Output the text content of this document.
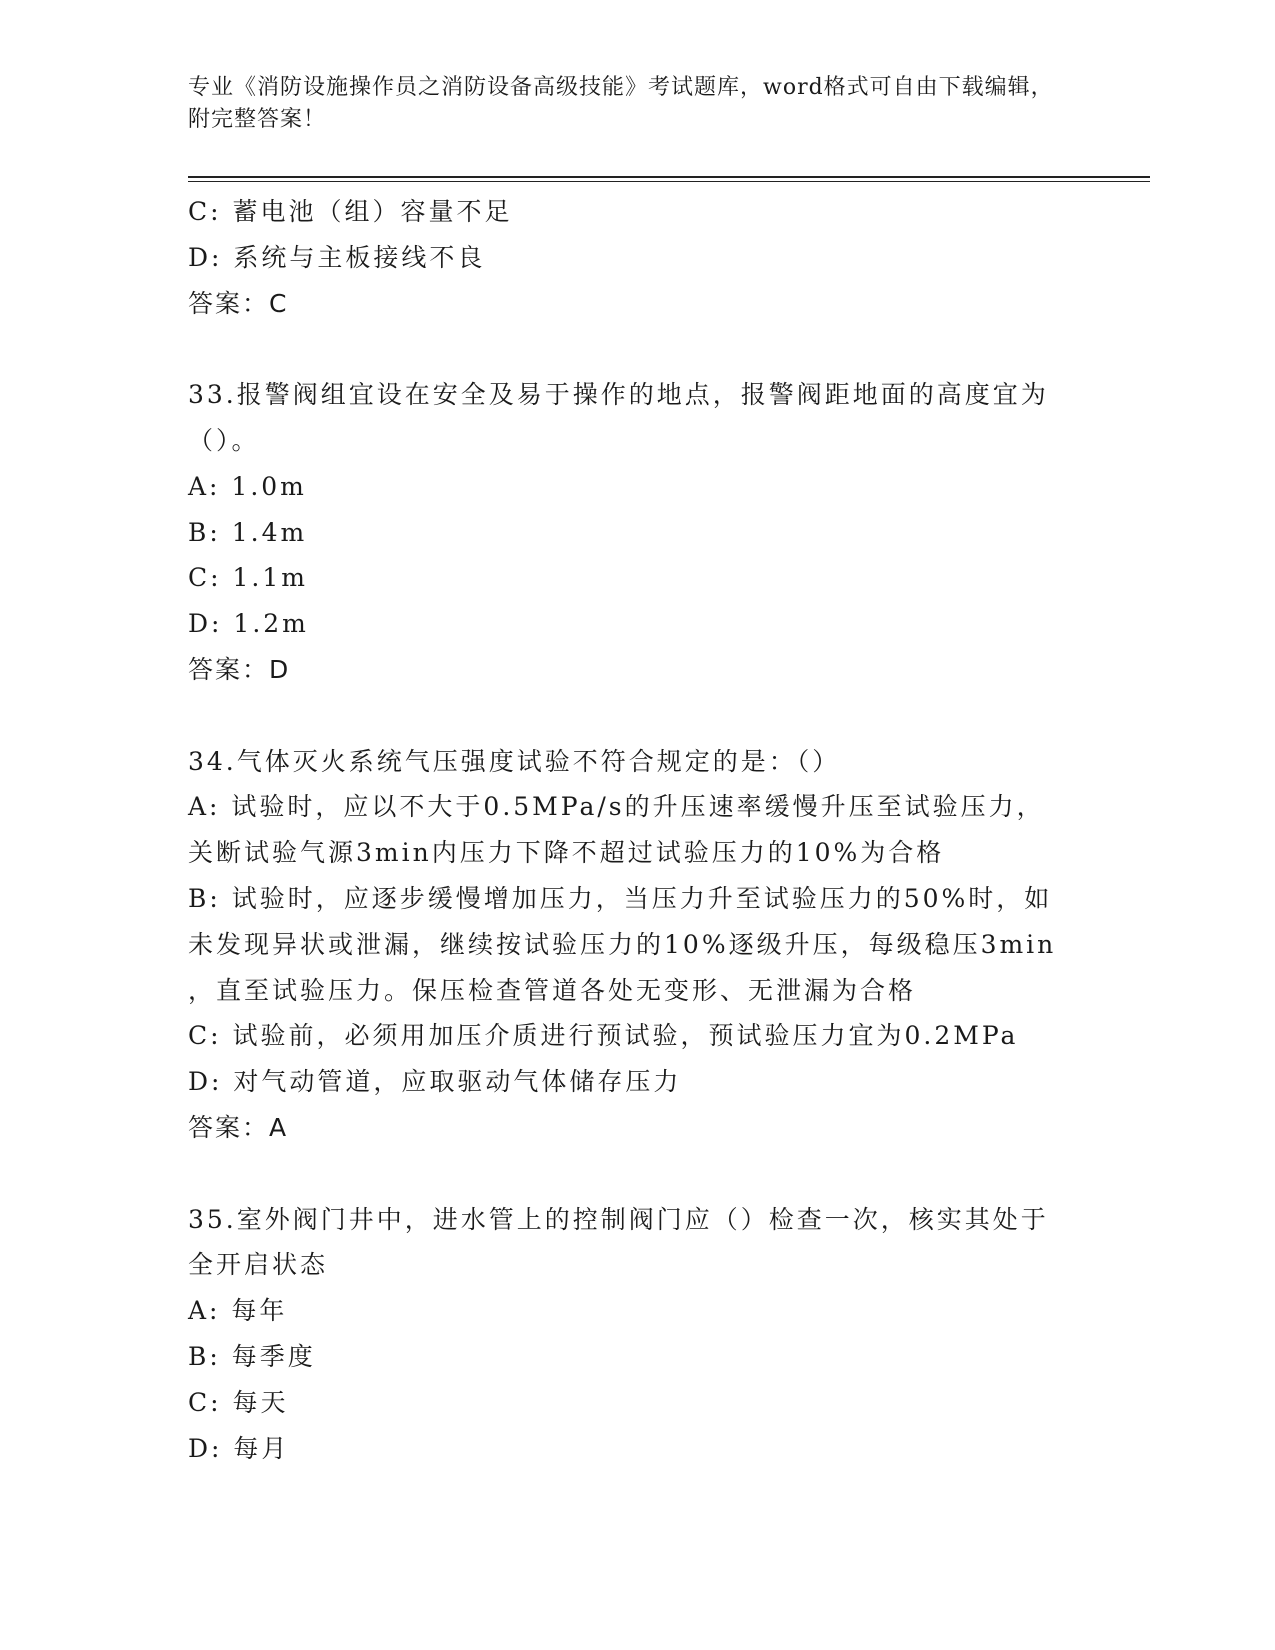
专业《消防设施操作员之消防设备高级技能》考试题库，word格式可自由下载编辑，附完整答案！
C: 蓄电池（组）容量不足
D: 系统与主板接线不良
答案：C
33.报警阀组宜设在安全及易于操作的地点，报警阀距地面的高度宜为
（）。
A: 1.0m
B: 1.4m
C: 1.1m
D: 1.2m
答案：D
34.气体灭火系统气压强度试验不符合规定的是：（）
A: 试验时，应以不大于0.5MPa/s的升压速率缓慢升压至试验压力，
关断试验气源3min内压力下降不超过试验压力的10%为合格
B: 试验时，应逐步缓慢增加压力，当压力升至试验压力的50%时，如
未发现异状或泄漏，继续按试验压力的10%逐级升压，每级稳压3min
，直至试验压力。保压检查管道各处无变形、无泄漏为合格
C: 试验前，必须用加压介质进行预试验，预试验压力宜为0.2MPa
D: 对气动管道，应取驱动气体储存压力
答案：A
35.室外阀门井中，进水管上的控制阀门应（）检查一次，核实其处于
全开启状态
A: 每年
B: 每季度
C: 每天
D: 每月
